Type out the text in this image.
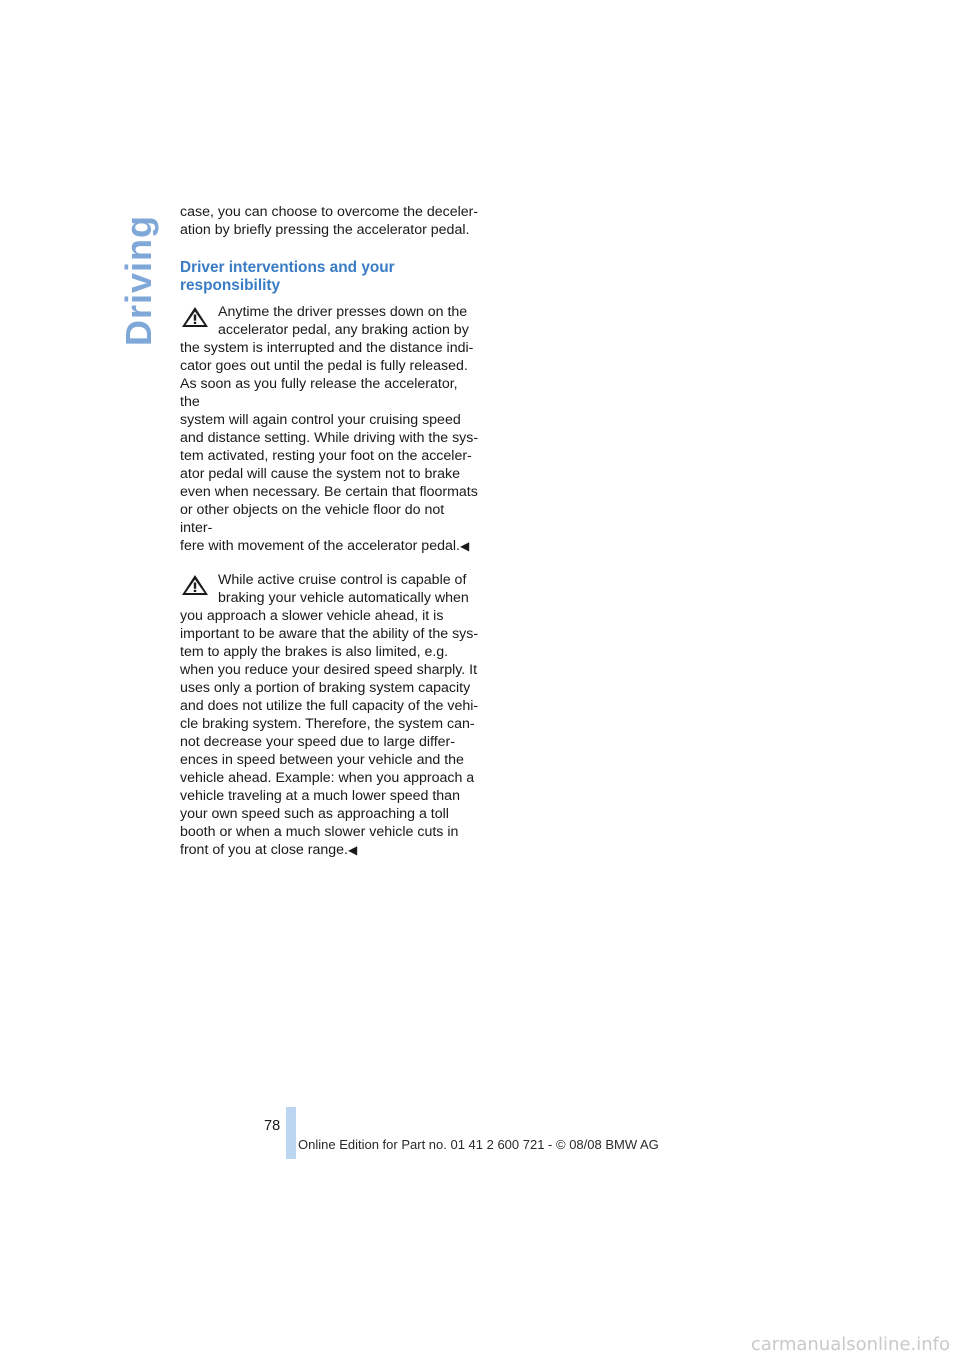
Driving

case, you can choose to overcome the deceler-
ation by briefly pressing the accelerator pedal.

Driver interventions and your
responsibility

Anytime the driver presses down on the
accelerator pedal, any braking action by
the system is interrupted and the distance indi-
cator goes out until the pedal is fully released.
As soon as you fully release the accelerator, the
system will again control your cruising speed
and distance setting. While driving with the sys-
tem activated, resting your foot on the acceler-
ator pedal will cause the system not to brake
even when necessary. Be certain that floormats
or other objects on the vehicle floor do not inter-
fere with movement of the accelerator pedal.◀

While active cruise control is capable of
braking your vehicle automatically when
you approach a slower vehicle ahead, it is
important to be aware that the ability of the sys-
tem to apply the brakes is also limited, e.g.
when you reduce your desired speed sharply. It
uses only a portion of braking system capacity
and does not utilize the full capacity of the vehi-
cle braking system. Therefore, the system can-
not decrease your speed due to large differ-
ences in speed between your vehicle and the
vehicle ahead. Example: when you approach a
vehicle traveling at a much lower speed than
your own speed such as approaching a toll
booth or when a much slower vehicle cuts in
front of you at close range.◀

78
Online Edition for Part no. 01 41 2 600 721 - © 08/08 BMW AG
carmanualsonline.info
